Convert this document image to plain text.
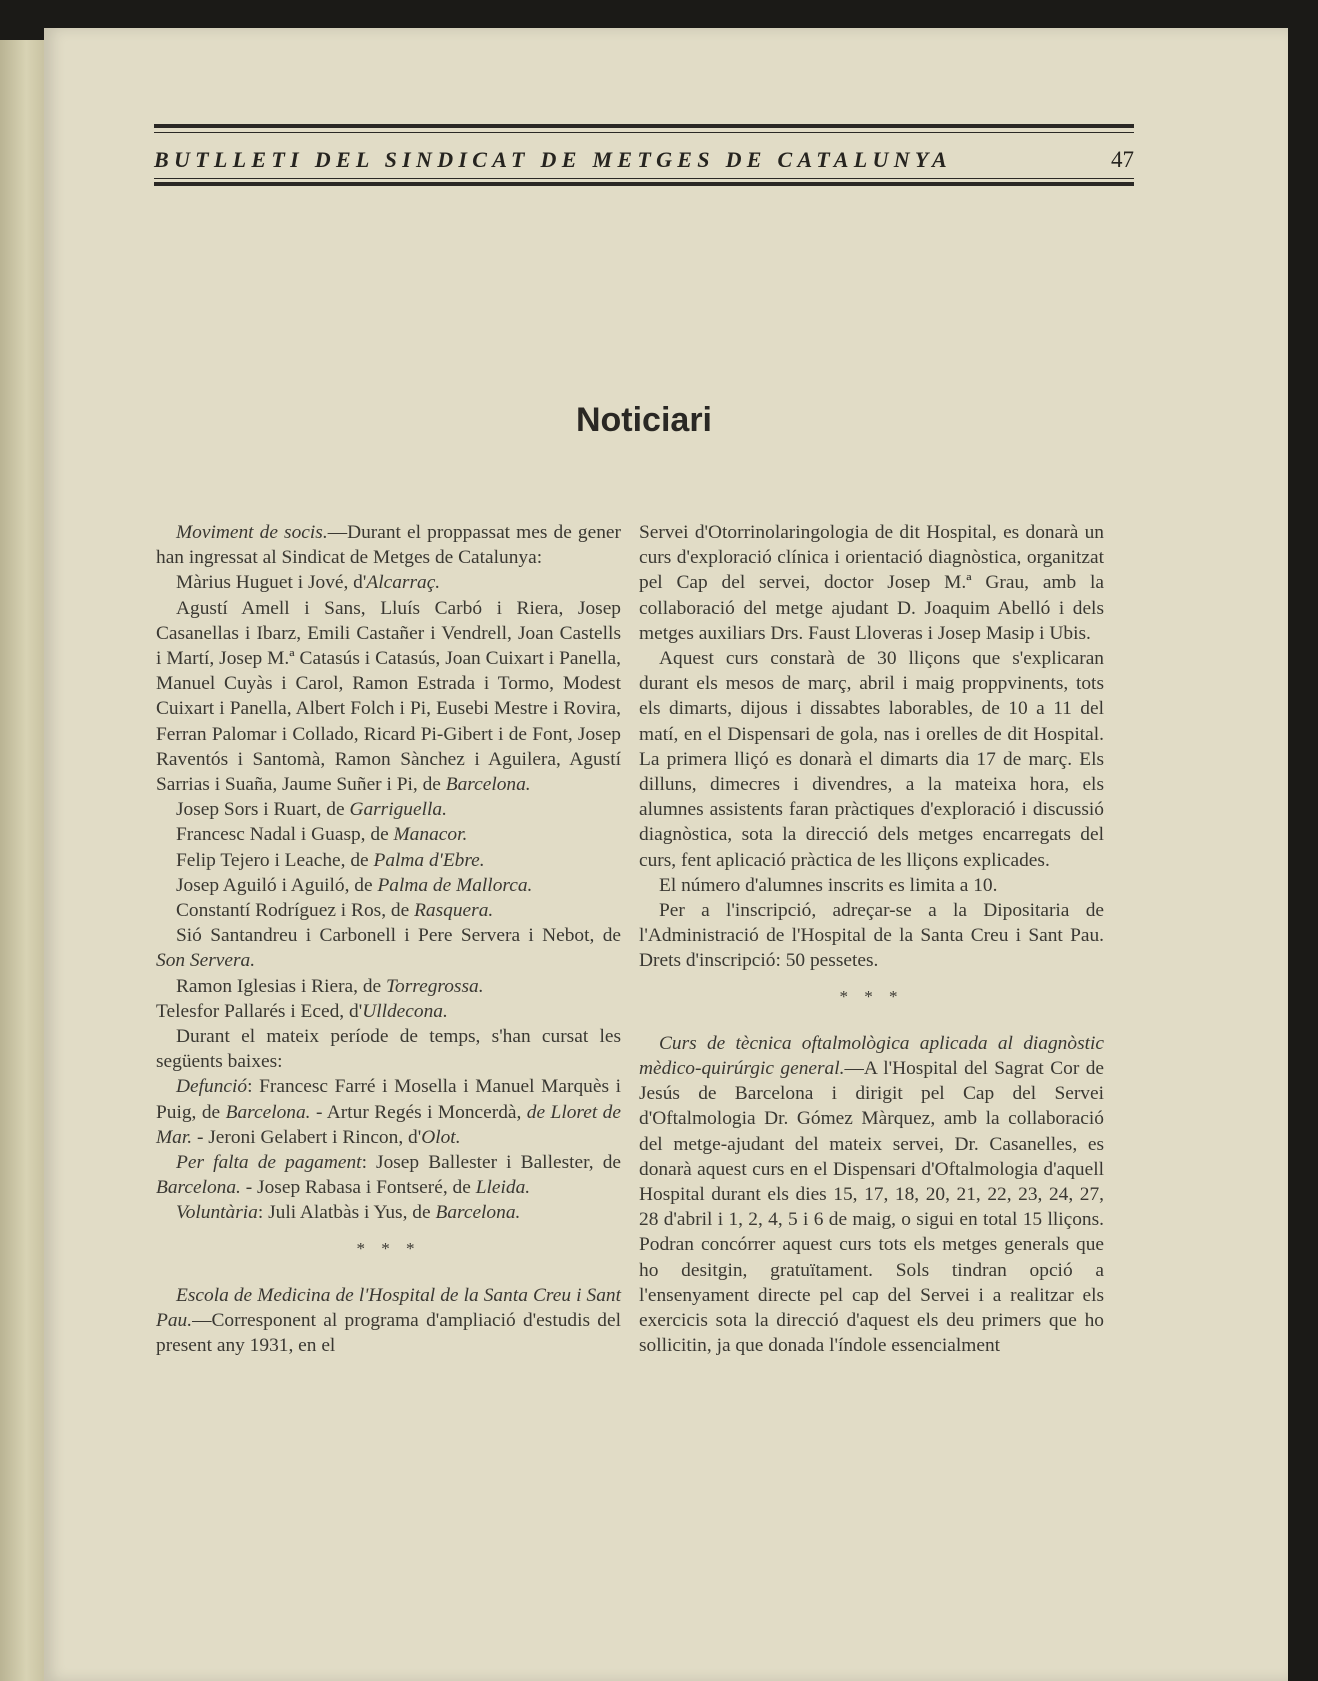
BUTLLETI DEL SINDICAT DE METGES DE CATALUNYA	47
Noticiari

Moviment de socis.—Durant el proppassat mes de gener han ingressat al Sindicat de Metges de Catalunya:

Màrius Huguet i Jové, d'Alcarraç.

Agustí Amell i Sans, Lluís Carbó i Riera, Josep Casanellas i Ibarz, Emili Castañer i Vendrell, Joan Castells i Martí, Josep M.ª Catasús i Catasús, Joan Cuixart i Panella, Manuel Cuyàs i Carol, Ramon Estrada i Tormo, Modest Cuixart i Panella, Albert Folch i Pi, Eusebi Mestre i Rovira, Ferran Palomar i Collado, Ricard Pi-Gibert i de Font, Josep Raventós i Santomà, Ramon Sànchez i Aguilera, Agustí Sarrias i Suaña, Jaume Suñer i Pi, de Barcelona.

Josep Sors i Ruart, de Garriguella.

Francesc Nadal i Guasp, de Manacor.

Felip Tejero i Leache, de Palma d'Ebre.

Josep Aguiló i Aguiló, de Palma de Mallorca.

Constantí Rodríguez i Ros, de Rasquera.

Sió Santandreu i Carbonell i Pere Servera i Nebot, de Son Servera.

Ramon Iglesias i Riera, de Torregrossa.

Telesfor Pallarés i Eced, d'Ulldecona.

Durant el mateix període de temps, s'han cursat les següents baixes:

Defunció: Francesc Farré i Mosella i Manuel Marquès i Puig, de Barcelona. - Artur Regés i Moncerdà, de Lloret de Mar. - Jeroni Gelabert i Rincon, d'Olot.

Per falta de pagament: Josep Ballester i Ballester, de Barcelona. - Josep Rabasa i Fontseré, de Lleida.

Voluntària: Juli Alatbàs i Yus, de Barcelona.

* * *

Escola de Medicina de l'Hospital de la Santa Creu i Sant Pau.—Corresponent al programa d'ampliació d'estudis del present any 1931, en el

Servei d'Otorrinolaringologia de dit Hospital, es donarà un curs d'exploració clínica i orientació diagnòstica, organitzat pel Cap del servei, doctor Josep M.ª Grau, amb la collaboració del metge ajudant D. Joaquim Abelló i dels metges auxiliars Drs. Faust Lloveras i Josep Masip i Ubis.

Aquest curs constarà de 30 lliçons que s'explicaran durant els mesos de març, abril i maig proppvinents, tots els dimarts, dijous i dissabtes laborables, de 10 a 11 del matí, en el Dispensari de gola, nas i orelles de dit Hospital. La primera lliçó es donarà el dimarts dia 17 de març. Els dilluns, dimecres i divendres, a la mateixa hora, els alumnes assistents faran pràctiques d'exploració i discussió diagnòstica, sota la direcció dels metges encarregats del curs, fent aplicació pràctica de les lliçons explicades.

El número d'alumnes inscrits es limita a 10.

Per a l'inscripció, adreçar-se a la Dipositaria de l'Administració de l'Hospital de la Santa Creu i Sant Pau. Drets d'inscripció: 50 pessetes.

* * *

Curs de tècnica oftalmològica aplicada al diagnòstic mèdico-quirúrgic general.—A l'Hospital del Sagrat Cor de Jesús de Barcelona i dirigit pel Cap del Servei d'Oftalmologia Dr. Gómez Màrquez, amb la collaboració del metge-ajudant del mateix servei, Dr. Casanelles, es donarà aquest curs en el Dispensari d'Oftalmologia d'aquell Hospital durant els dies 15, 17, 18, 20, 21, 22, 23, 24, 27, 28 d'abril i 1, 2, 4, 5 i 6 de maig, o sigui en total 15 lliçons. Podran concórrer aquest curs tots els metges generals que ho desitgin, gratuïtament. Sols tindran opció a l'ensenyament directe pel cap del Servei i a realitzar els exercicis sota la direcció d'aquest els deu primers que ho sollicitin, ja que donada l'índole essencialment
